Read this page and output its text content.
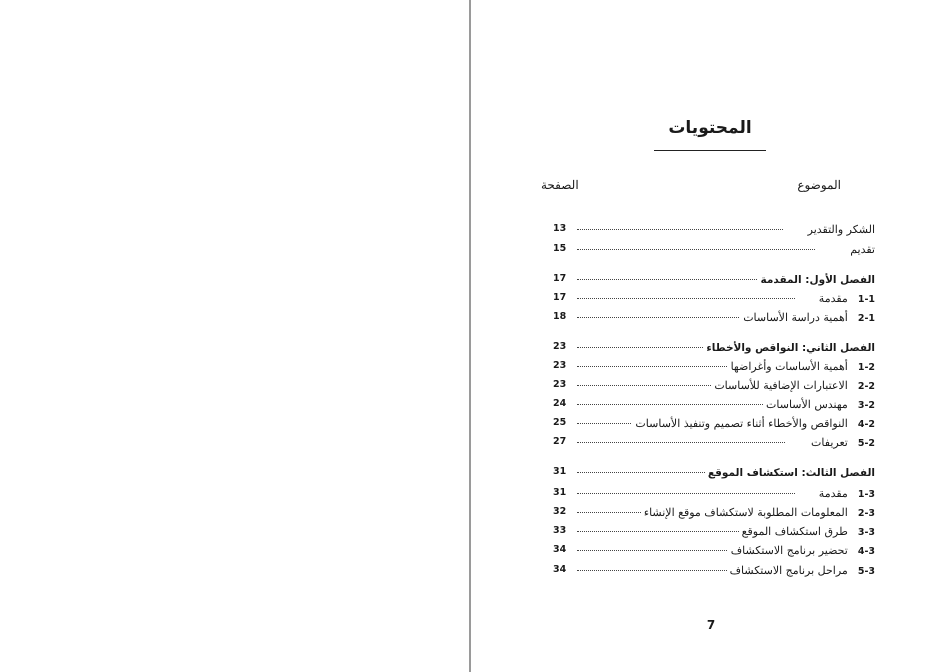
المحتويات
الموضوع
الصفحة
13	الشكر والتقدير
15	تقديم
17	الفصل الأول: المقدمة
17	1-1مقدمة
18	2-1أهمية دراسة الأساسات
23	الفصل الثاني: النواقص والأخطاء
23	1-2أهمية الأساسات وأغراضها
23	2-2الاعتبارات الإضافية للأساسات
24	3-2مهندس الأساسات
25	4-2النواقص والأخطاء أثناء تصميم وتنفيذ الأساسات
27	5-2تعريفات
31	الفصل الثالث: استكشاف الموقع
31	1-3مقدمة
32	2-3المعلومات المطلوبة لاستكشاف موقع الإنشاء
33	3-3طرق استكشاف الموقع
34	4-3تحضير برنامج الاستكشاف
34	5-3مراحل برنامج الاستكشاف
7
